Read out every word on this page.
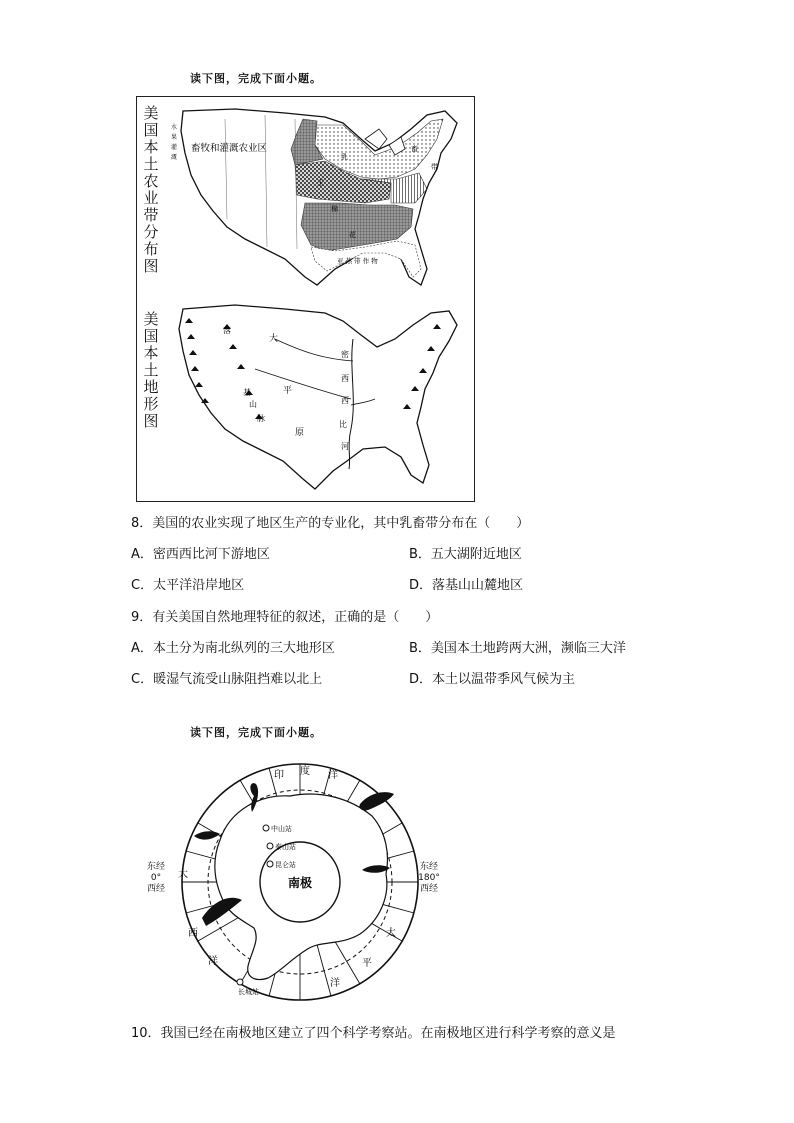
读下图，完成下面小题。
美国本土农业带分布图
美国本土地形图
畜牧和灌溉农业区
乳
畜
带
玉
棉
花
亚 热 带 作 物
水
果
灌
溉
落
基
山
脉
大
平
原
密
西
西
比
河
8．美国的农业实现了地区生产的专业化，其中乳畜带分布在（　　）
A．密西西比河下游地区	B．五大湖附近地区
C．太平洋沿岸地区	D．落基山山麓地区
9．有关美国自然地理特征的叙述，正确的是（　　）
A．本土分为南北纵列的三大地形区	B．美国本土地跨两大洲，濒临三大洋
C．暖湿气流受山脉阻挡难以北上	D．本土以温带季风气候为主
读下图，完成下面小题。
南极
中山站
泰山站
昆仑站
长城站
印 度 洋
大
西
洋
太
平
洋
东经
0°
西经
东经
180°
西经
10．我国已经在南极地区建立了四个科学考察站。在南极地区进行科学考察的意义是
